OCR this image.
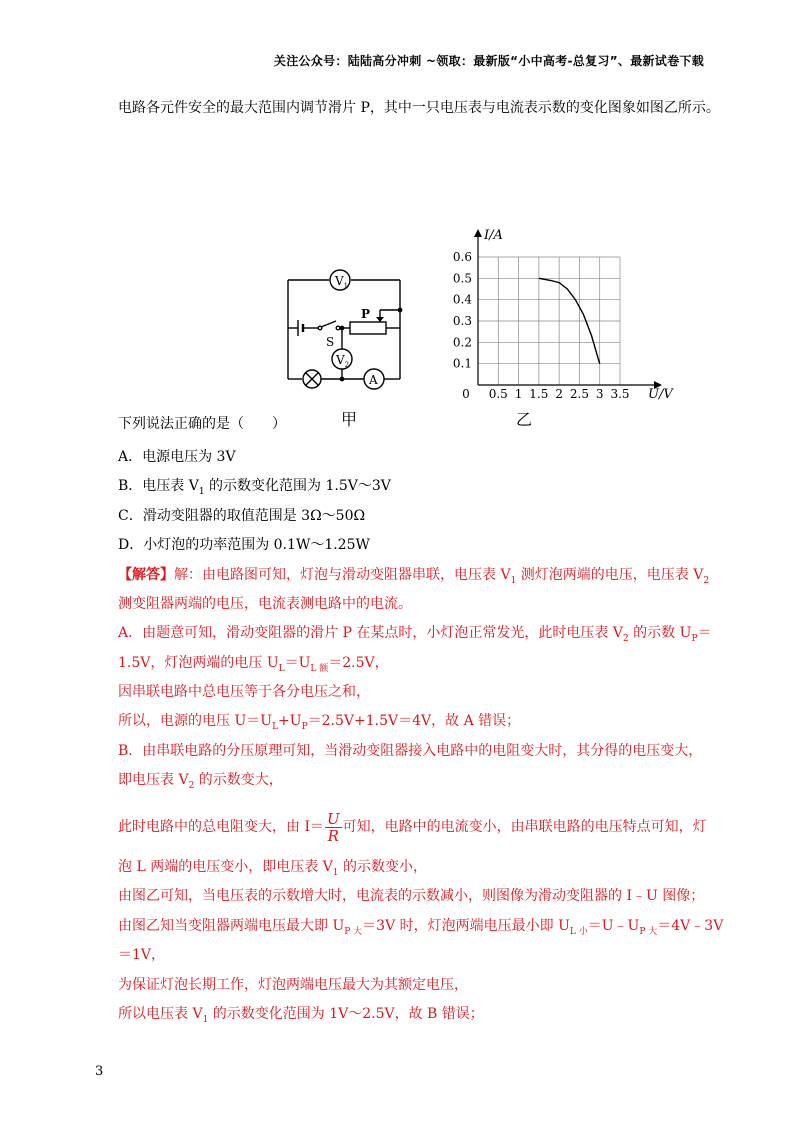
关注公众号：陆陆高分冲刺 ~领取：最新版“小中高考-总复习”、最新试卷下载
电路各元件安全的最大范围内调节滑片 P，其中一只电压表与电流表示数的变化图象如图乙所示。
$V_1$
$V_2$
A
P
S
甲
0.5 1 1.5 2 2.5 3 3.5
0.1
0.2
0.3
0.4
0.5
0.6
0	U/V
I/A
乙
下列说法正确的是（　　）
A．电源电压为 3V
B．电压表 $V_1$ 的示数变化范围为 1.5V～3V
C．滑动变阻器的取值范围是 3Ω～50Ω
D．小灯泡的功率范围为 0.1W～1.25W
【解答】解：由电路图可知，灯泡与滑动变阻器串联，电压表 $V_1$ 测灯泡两端的电压，电压表 $V_2$
测变阻器两端的电压，电流表测电路中的电流。
A．由题意可知，滑动变阻器的滑片 P 在某点时，小灯泡正常发光，此时电压表 $V_2$ 的示数 $U_P=$
1.5V，灯泡两端的电压 $U_L=U_{L 额}=2.5V$，
因串联电路中总电压等于各分电压之和，
所以，电源的电压 $U=U_L+U_P=2.5V+1.5V=4V$，故 A 错误；
B．由串联电路的分压原理可知，当滑动变阻器接入电路中的电阻变大时，其分得的电压变大，
即电压表 $V_2$ 的示数变大，
此时电路中的总电阻变大，由 $I= \frac{U}{R}$ 可知，电路中的电流变小，由串联电路的电压特点可知，灯
泡 L 两端的电压变小，即电压表 $V_1$ 的示数变小，
由图乙可知，当电压表的示数增大时，电流表的示数减小，则图像为滑动变阻器的 I﹣U 图像；
由图乙知当变阻器两端电压最大即 $U_{P 大}=3V$ 时，灯泡两端电压最小即 $U_{L 小}=U﹣U_{P 大}=4V﹣3V$
＝1V，
为保证灯泡长期工作，灯泡两端电压最大为其额定电压，
所以电压表 $V_1$ 的示数变化范围为 1V～2.5V，故 B 错误；
3
